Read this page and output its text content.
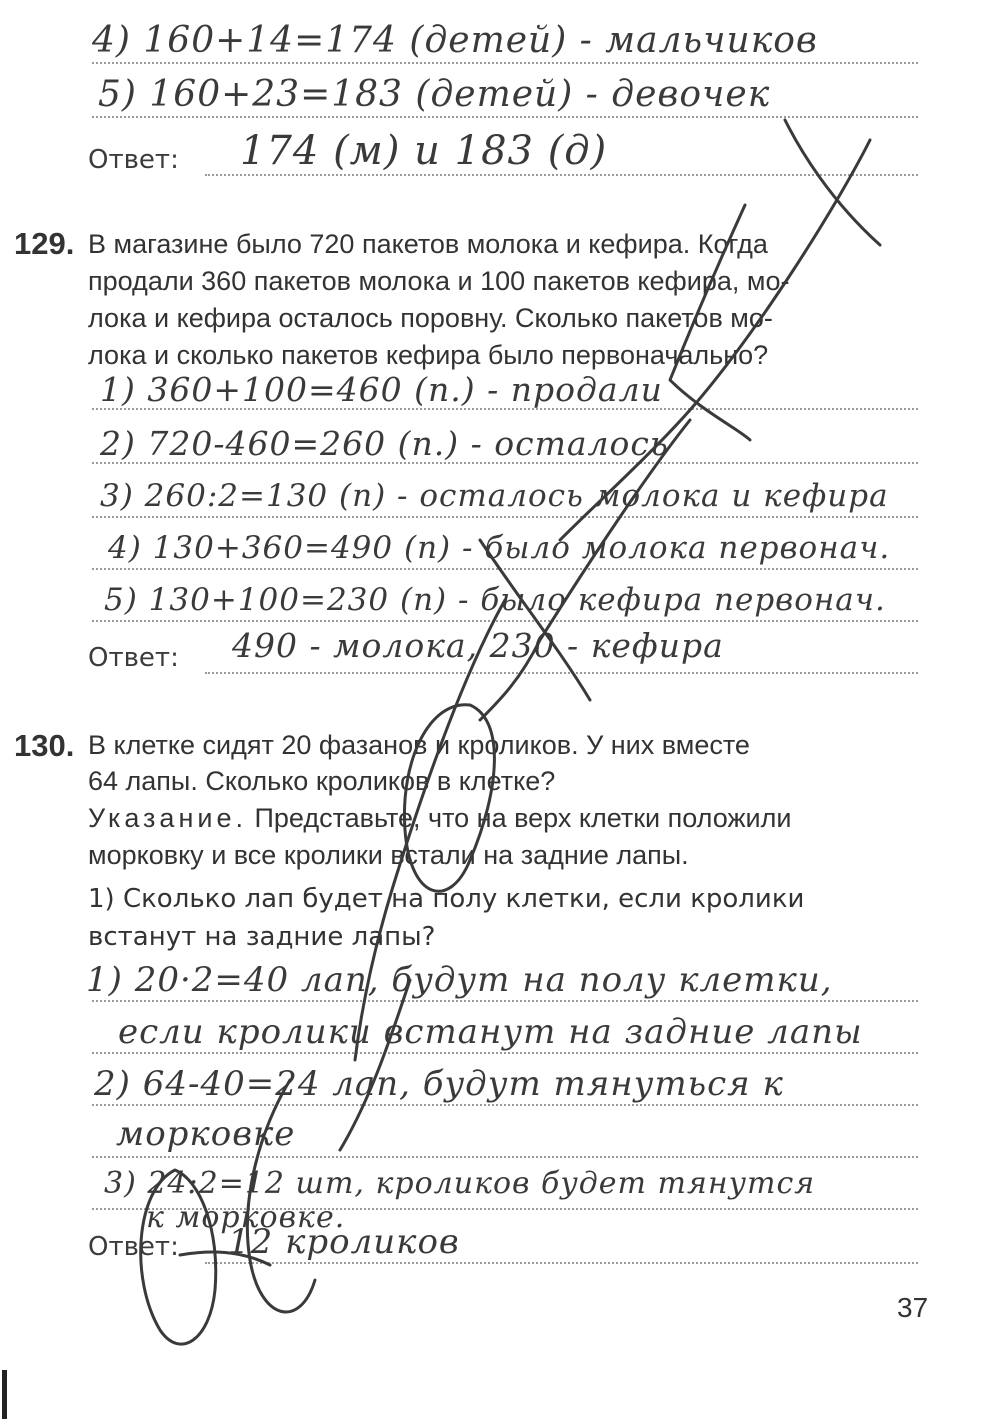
4) 160+14=174 (детей) - мальчиков
5) 160+23=183 (детей) - девочек
Ответ: 174 (м) и 183 (д)
129. В магазине было 720 пакетов молока и кефира. Когда

продали 360 пакетов молока и 100 пакетов кефира, мо-

лока и кефира осталось поровну. Сколько пакетов мо-

лока и сколько пакетов кефира было первоначально?

1) 360+100=460 (п.) - продали
2) 720-460=260 (п.) - осталось
3) 260:2=130 (п) - осталось молока и кефира
4) 130+360=490 (п) - было молока первонач.
5) 130+100=230 (п) - было кефира первонач.
Ответ: 490 - молока, 230 - кефира
130. В клетке сидят 20 фазанов и кроликов. У них вместе

64 лапы. Сколько кроликов в клетке?

Указание. Представьте, что на верх клетки положили

морковку и все кролики встали на задние лапы.

1) Сколько лап будет на полу клетки, если кролики

встанут на задние лапы?

1) 20·2=40 лап, будут на полу клетки,
если кролики встанут на задние лапы
2) 64-40=24 лап, будут тянуться к
морковке
3) 24:2=12 шт, кроликов будет тянутся
к морковке.
Ответ: 12 кроликов
37
